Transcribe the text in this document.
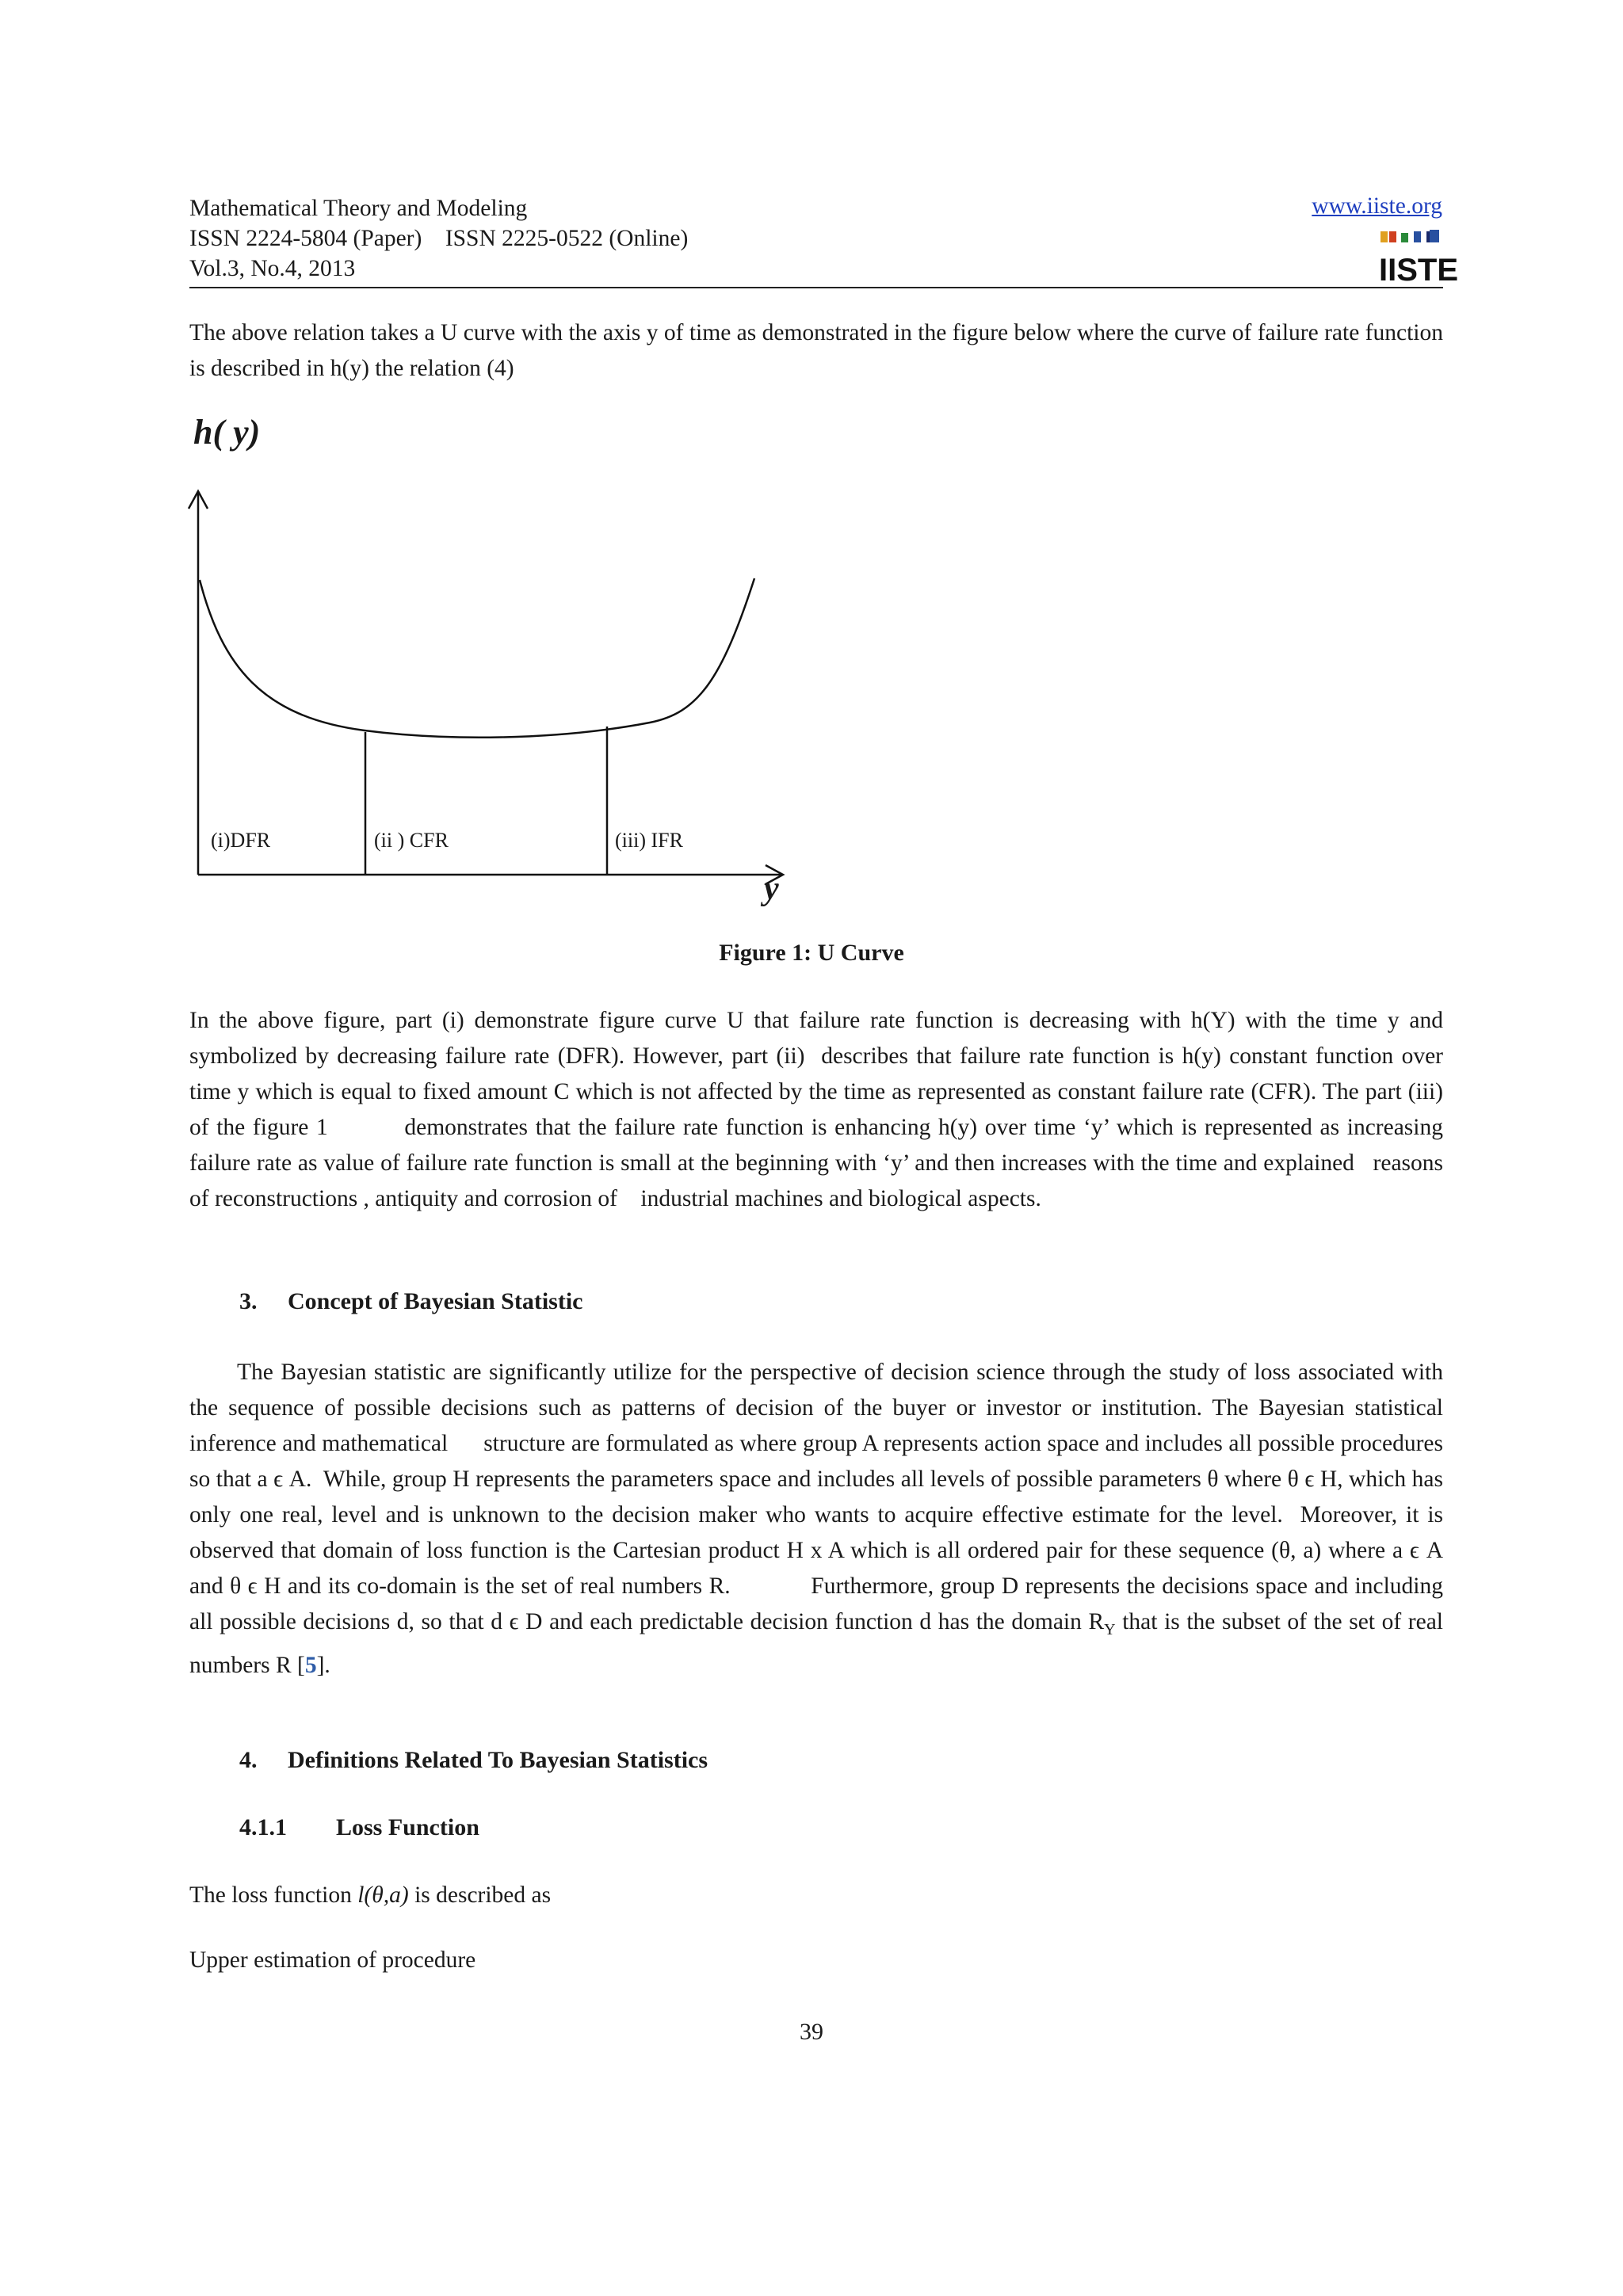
Mathematical Theory and Modeling
ISSN 2224-5804 (Paper)    ISSN 2225-0522 (Online)
Vol.3, No.4, 2013
www.iiste.org
IISTE
The above relation takes a U curve with the axis y of time as demonstrated in the figure below where the curve of failure rate function is described in h(y) the relation (4)
h( y)
(i)DFR	(ii ) CFR	(iii) IFR
y
Figure 1: U Curve
In the above figure, part (i) demonstrate figure curve U that failure rate function is decreasing with h(Y) with the time y and symbolized by decreasing failure rate (DFR). However, part (ii)  describes that failure rate function is h(y) constant function over time y which is equal to fixed amount C which is not affected by the time as represented as constant failure rate (CFR). The part (iii) of the figure 1          demonstrates that the failure rate function is enhancing h(y) over time ‘y’ which is represented as increasing failure rate as value of failure rate function is small at the beginning with ‘y’ and then increases with the time and explained   reasons of reconstructions , antiquity and corrosion of    industrial machines and biological aspects.
3. Concept of Bayesian Statistic
The Bayesian statistic are significantly utilize for the perspective of decision science through the study of loss associated with the sequence of possible decisions such as patterns of decision of the buyer or investor or institution. The Bayesian statistical inference and mathematical      structure are formulated as where group A represents action space and includes all possible procedures so that a ϵ A.  While, group H represents the parameters space and includes all levels of possible parameters θ where θ ϵ H, which has only one real, level and is unknown to the decision maker who wants to acquire effective estimate for the level.  Moreover, it is observed that domain of loss function is the Cartesian product H x A which is all ordered pair for these sequence (θ, a) where a ϵ A and θ ϵ H and its co-domain is the set of real numbers R.            Furthermore, group D represents the decisions space and including all possible decisions d, so that d ϵ D and each predictable decision function d has the domain $R_Y$ that is the subset of the set of real numbers R [5].
4. Definitions Related To Bayesian Statistics
4.1.1 Loss Function
The loss function l(θ,a) is described as
Upper estimation of procedure
39
